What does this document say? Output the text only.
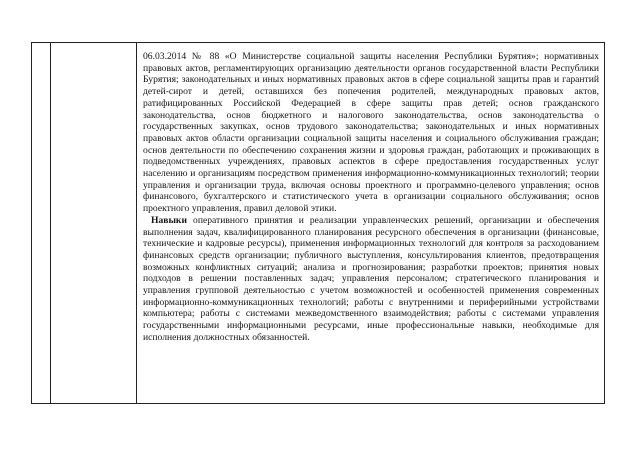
06.03.2014 № 88 «О Министерстве социальной защиты населения Республики Бурятия»; нормативных правовых актов, регламентирующих организацию деятельности органов государственной власти Республики Бурятия; законодательных и иных нормативных правовых актов в сфере социальной защиты прав и гарантий детей-сирот и детей, оставшихся без попечения родителей, международных правовых актов, ратифицированных Российской Федерацией в сфере защиты прав детей; основ гражданского законодательства, основ бюджетного и налогового законодательства, основ законодательства о государственных закупках, основ трудового законодательства; законодательных и иных нормативных правовых актов области организации социальной защиты населения и социального обслуживания граждан; основ деятельности по обеспечению сохранения жизни и здоровья граждан, работающих и проживающих в подведомственных учреждениях, правовых аспектов в сфере предоставления государственных услуг населению и организациям посредством применения информационно-коммуникационных технологий; теории управления и организации труда, включая основы проектного и программно-целевого управления; основ финансового, бухгалтерского и статистического учета в организации социального обслуживания; основ проектного управления, правил деловой этики.

Навыки оперативного принятия и реализации управленческих решений, организации и обеспечения выполнения задач, квалифицированного планирования ресурсного обеспечения в организации (финансовые, технические и кадровые ресурсы), применения информационных технологий для контроля за расходованием финансовых средств организации; публичного выступления, консультирования клиентов, предотвращения возможных конфликтных ситуаций; анализа и прогнозирования; разработки проектов; принятия новых подходов в решении поставленных задач; управления персоналом; стратегического планирования и управления групповой деятельностью с учетом возможностей и особенностей применения современных информационно-коммуникационных технологий; работы с внутренними и периферийными устройствами компьютера; работы с системами межведомственного взаимодействия; работы с системами управления государственными информационными ресурсами, иные профессиональные навыки, необходимые для исполнения должностных обязанностей.
